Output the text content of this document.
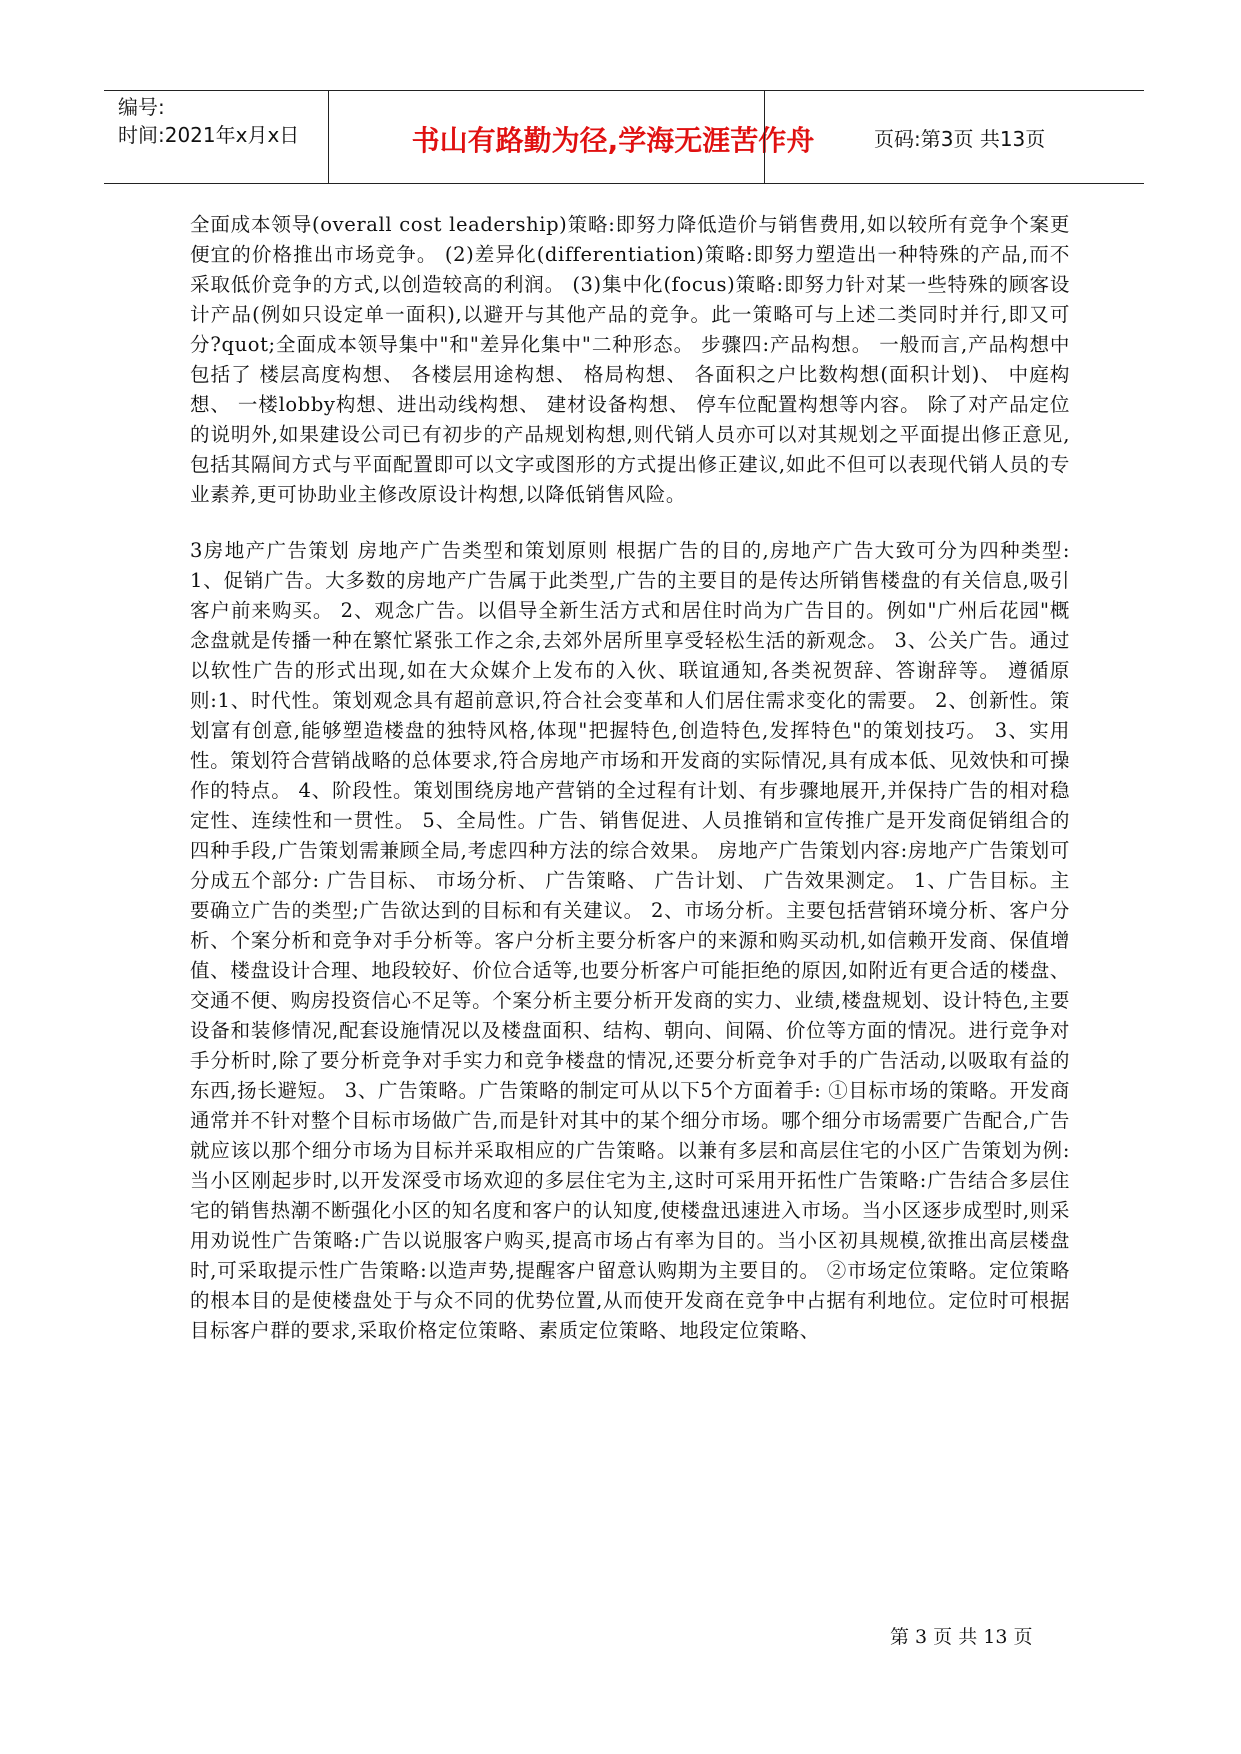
编号:
时间:2021年x月x日	书山有路勤为径,学海无涯苦作舟	页码:第3页 共13页

全面成本领导(overall cost leadership)策略:即努力降低造价与销售费用,如以较所有竞争个案更便宜的价格推出市场竞争。 (2)差异化(differentiation)策略:即努力塑造出一种特殊的产品,而不采取低价竞争的方式,以创造较高的利润。 (3)集中化(focus)策略:即努力针对某一些特殊的顾客设计产品(例如只设定单一面积),以避开与其他产品的竞争。此一策略可与上述二类同时并行,即又可分?quot;全面成本领导集中"和"差异化集中"二种形态。 步骤四:产品构想。 一般而言,产品构想中包括了 楼层高度构想、 各楼层用途构想、 格局构想、 各面积之户比数构想(面积计划)、 中庭构想、 一楼lobby构想、进出动线构想、 建材设备构想、 停车位配置构想等内容。 除了对产品定位的说明外,如果建设公司已有初步的产品规划构想,则代销人员亦可以对其规划之平面提出修正意见,包括其隔间方式与平面配置即可以文字或图形的方式提出修正建议,如此不但可以表现代销人员的专业素养,更可协助业主修改原设计构想,以降低销售风险。

3房地产广告策划 房地产广告类型和策划原则 根据广告的目的,房地产广告大致可分为四种类型: 1、促销广告。大多数的房地产广告属于此类型,广告的主要目的是传达所销售楼盘的有关信息,吸引客户前来购买。 2、观念广告。以倡导全新生活方式和居住时尚为广告目的。例如"广州后花园"概念盘就是传播一种在繁忙紧张工作之余,去郊外居所里享受轻松生活的新观念。 3、公关广告。通过以软性广告的形式出现,如在大众媒介上发布的入伙、联谊通知,各类祝贺辞、答谢辞等。 遵循原则:1、时代性。策划观念具有超前意识,符合社会变革和人们居住需求变化的需要。 2、创新性。策划富有创意,能够塑造楼盘的独特风格,体现"把握特色,创造特色,发挥特色"的策划技巧。 3、实用性。策划符合营销战略的总体要求,符合房地产市场和开发商的实际情况,具有成本低、见效快和可操作的特点。 4、阶段性。策划围绕房地产营销的全过程有计划、有步骤地展开,并保持广告的相对稳定性、连续性和一贯性。 5、全局性。广告、销售促进、人员推销和宣传推广是开发商促销组合的四种手段,广告策划需兼顾全局,考虑四种方法的综合效果。 房地产广告策划内容:房地产广告策划可分成五个部分: 广告目标、 市场分析、 广告策略、 广告计划、 广告效果测定。 1、广告目标。主要确立广告的类型;广告欲达到的目标和有关建议。 2、市场分析。主要包括营销环境分析、客户分析、个案分析和竞争对手分析等。客户分析主要分析客户的来源和购买动机,如信赖开发商、保值增值、楼盘设计合理、地段较好、价位合适等,也要分析客户可能拒绝的原因,如附近有更合适的楼盘、交通不便、购房投资信心不足等。个案分析主要分析开发商的实力、业绩,楼盘规划、设计特色,主要设备和装修情况,配套设施情况以及楼盘面积、结构、朝向、间隔、价位等方面的情况。进行竞争对手分析时,除了要分析竞争对手实力和竞争楼盘的情况,还要分析竞争对手的广告活动,以吸取有益的东西,扬长避短。 3、广告策略。广告策略的制定可从以下5个方面着手: ①目标市场的策略。开发商通常并不针对整个目标市场做广告,而是针对其中的某个细分市场。哪个细分市场需要广告配合,广告就应该以那个细分市场为目标并采取相应的广告策略。以兼有多层和高层住宅的小区广告策划为例:当小区刚起步时,以开发深受市场欢迎的多层住宅为主,这时可采用开拓性广告策略:广告结合多层住宅的销售热潮不断强化小区的知名度和客户的认知度,使楼盘迅速进入市场。当小区逐步成型时,则采用劝说性广告策略:广告以说服客户购买,提高市场占有率为目的。当小区初具规模,欲推出高层楼盘时,可采取提示性广告策略:以造声势,提醒客户留意认购期为主要目的。 ②市场定位策略。定位策略的根本目的是使楼盘处于与众不同的优势位置,从而使开发商在竞争中占据有利地位。定位时可根据目标客户群的要求,采取价格定位策略、素质定位策略、地段定位策略、

第 3 页 共 13 页
